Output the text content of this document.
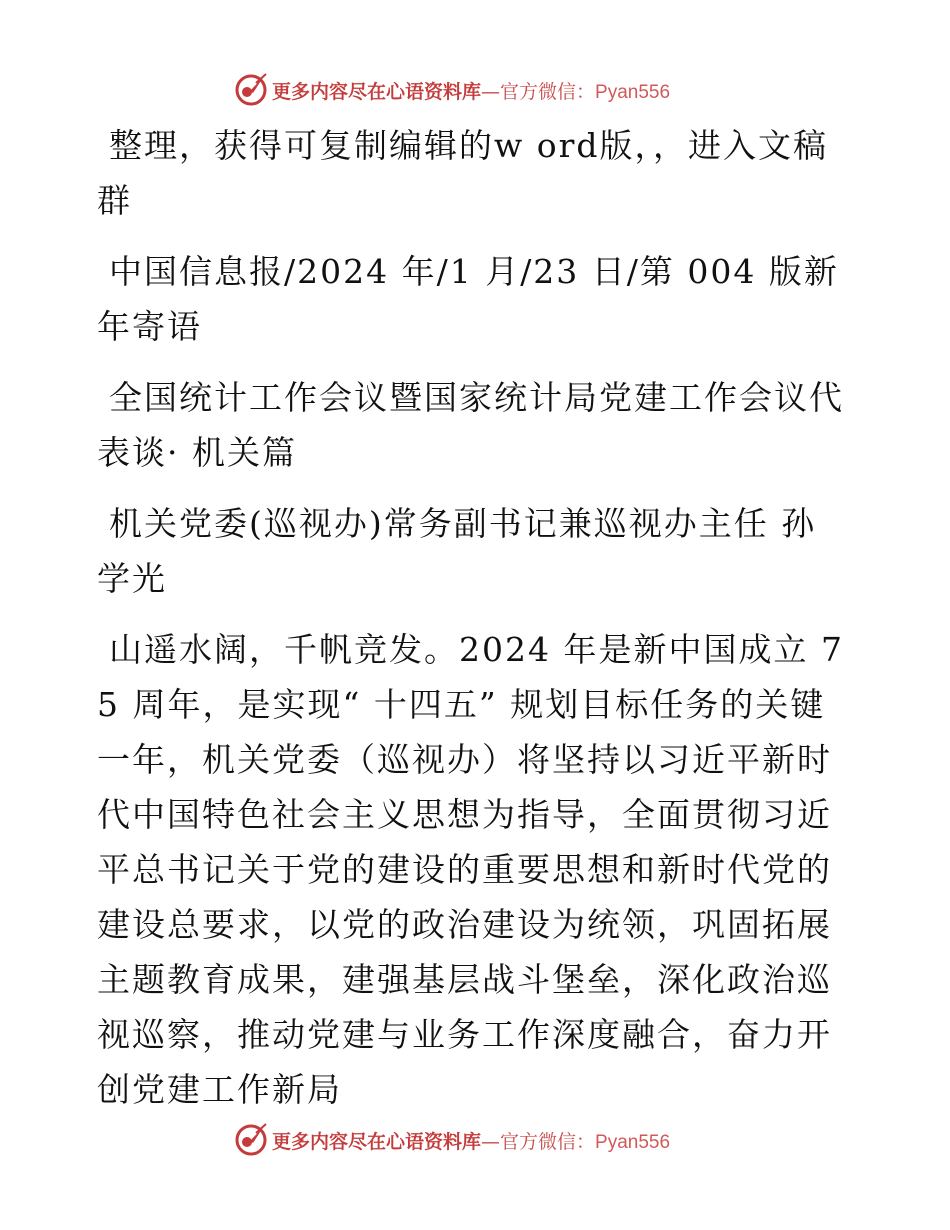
更多内容尽在心语资料库—官方微信：Pyan556

整理，获得可复制编辑的w ord版，，进入文稿群

中国信息报/2024 年/1 月/23 日/第 004 版新年寄语

全国统计工作会议暨国家统计局党建工作会议代表谈· 机关篇

机关党委(巡视办)常务副书记兼巡视办主任 孙学光

山遥水阔，千帆竞发。2024 年是新中国成立 75 周年，是实现“ 十四五” 规划目标任务的关键一年，机关党委（巡视办）将坚持以习近平新时代中国特色社会主义思想为指导，全面贯彻习近平总书记关于党的建设的重要思想和新时代党的建设总要求，以党的政治建设为统领，巩固拓展主题教育成果，建强基层战斗堡垒，深化政治巡视巡察，推动党建与业务工作深度融合，奋力开创党建工作新局

更多内容尽在心语资料库—官方微信：Pyan556
